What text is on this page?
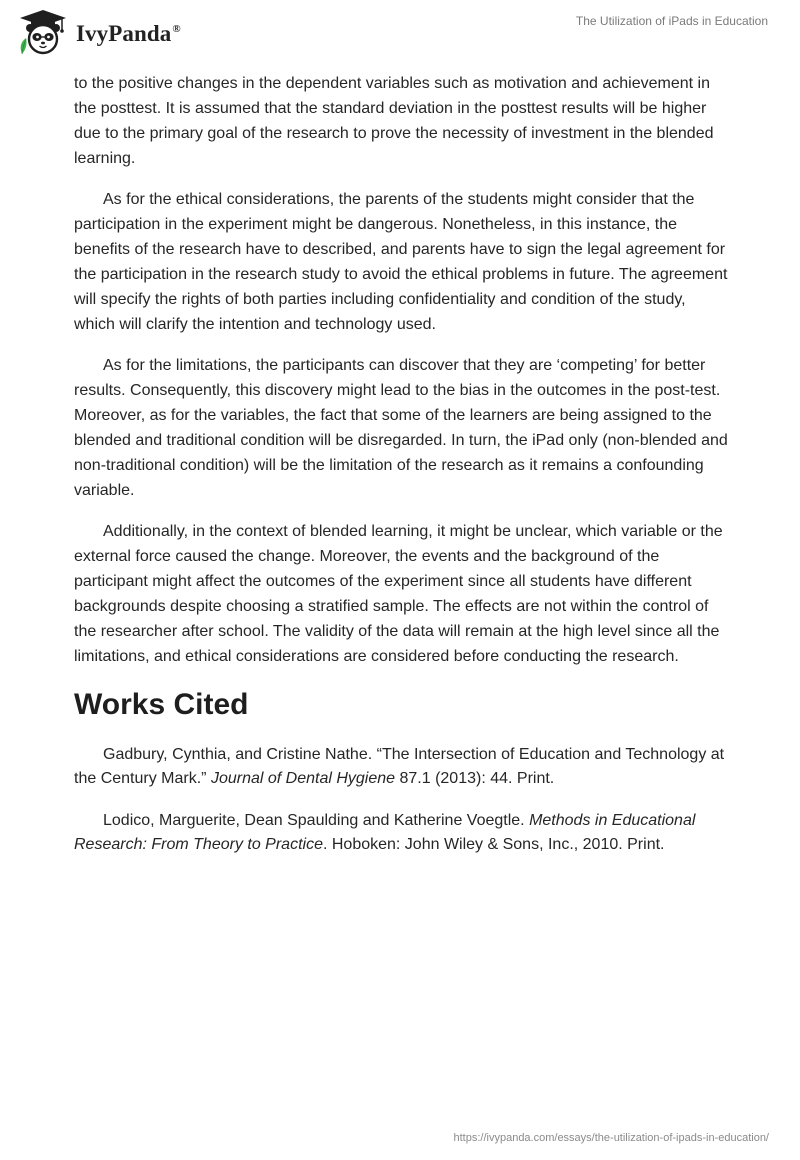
IvyPanda®
The Utilization of iPads in Education

to the positive changes in the dependent variables such as motivation and achievement in the posttest. It is assumed that the standard deviation in the posttest results will be higher due to the primary goal of the research to prove the necessity of investment in the blended learning.

As for the ethical considerations, the parents of the students might consider that the participation in the experiment might be dangerous. Nonetheless, in this instance, the benefits of the research have to described, and parents have to sign the legal agreement for the participation in the research study to avoid the ethical problems in future. The agreement will specify the rights of both parties including confidentiality and condition of the study, which will clarify the intention and technology used.

As for the limitations, the participants can discover that they are ‘competing’ for better results. Consequently, this discovery might lead to the bias in the outcomes in the post-test. Moreover, as for the variables, the fact that some of the learners are being assigned to the blended and traditional condition will be disregarded. In turn, the iPad only (non-blended and non-traditional condition) will be the limitation of the research as it remains a confounding variable.

Additionally, in the context of blended learning, it might be unclear, which variable or the external force caused the change. Moreover, the events and the background of the participant might affect the outcomes of the experiment since all students have different backgrounds despite choosing a stratified sample. The effects are not within the control of the researcher after school. The validity of the data will remain at the high level since all the limitations, and ethical considerations are considered before conducting the research.

Works Cited

Gadbury, Cynthia, and Cristine Nathe. “The Intersection of Education and Technology at the Century Mark.” Journal of Dental Hygiene 87.1 (2013): 44. Print.

Lodico, Marguerite, Dean Spaulding and Katherine Voegtle. Methods in Educational Research: From Theory to Practice. Hoboken: John Wiley & Sons, Inc., 2010. Print.

https://ivypanda.com/essays/the-utilization-of-ipads-in-education/
